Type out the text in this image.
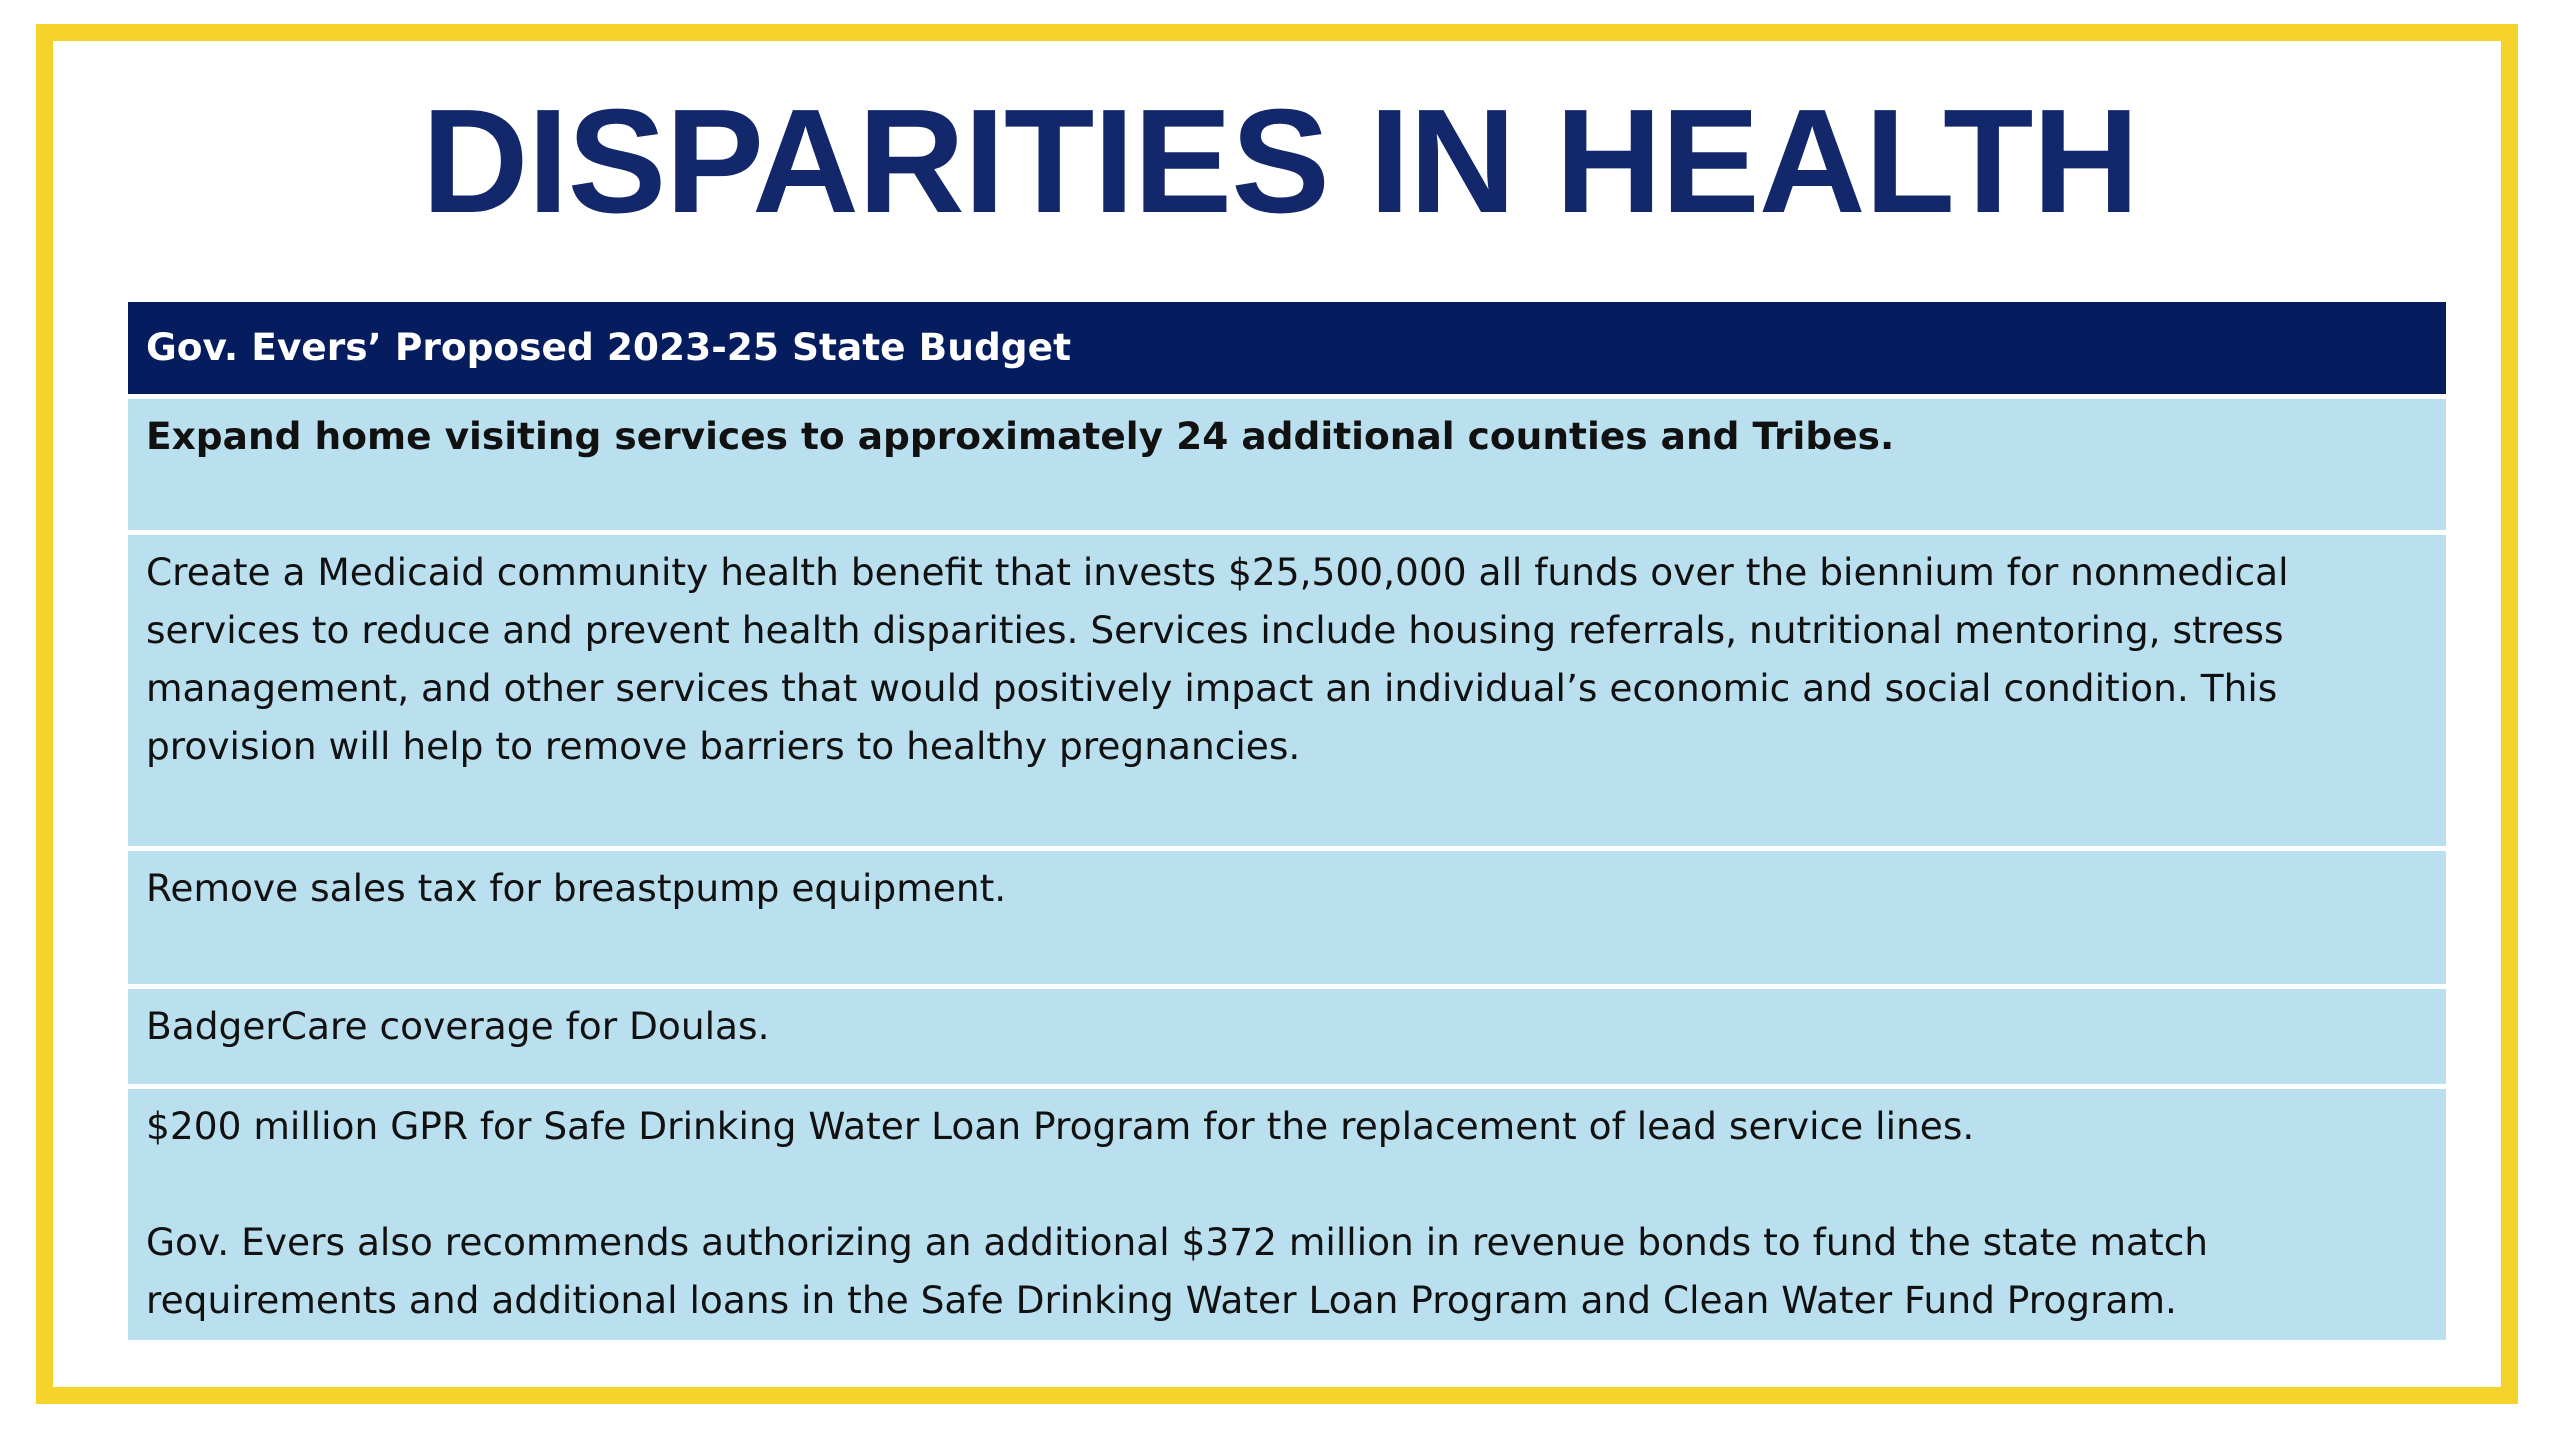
DISPARITIES IN HEALTH
Gov. Evers’ Proposed 2023-25 State Budget
Expand home visiting services to approximately 24 additional counties and Tribes.
Create a Medicaid community health benefit that invests $25,500,000 all funds over the biennium for nonmedical
services to reduce and prevent health disparities. Services include housing referrals, nutritional mentoring, stress
management, and other services that would positively impact an individual’s economic and social condition. This
provision will help to remove barriers to healthy pregnancies.
Remove sales tax for breastpump equipment.
BadgerCare coverage for Doulas.
$200 million GPR for Safe Drinking Water Loan Program for the replacement of lead service lines.
Gov. Evers also recommends authorizing an additional $372 million in revenue bonds to fund the state match
requirements and additional loans in the Safe Drinking Water Loan Program and Clean Water Fund Program.
